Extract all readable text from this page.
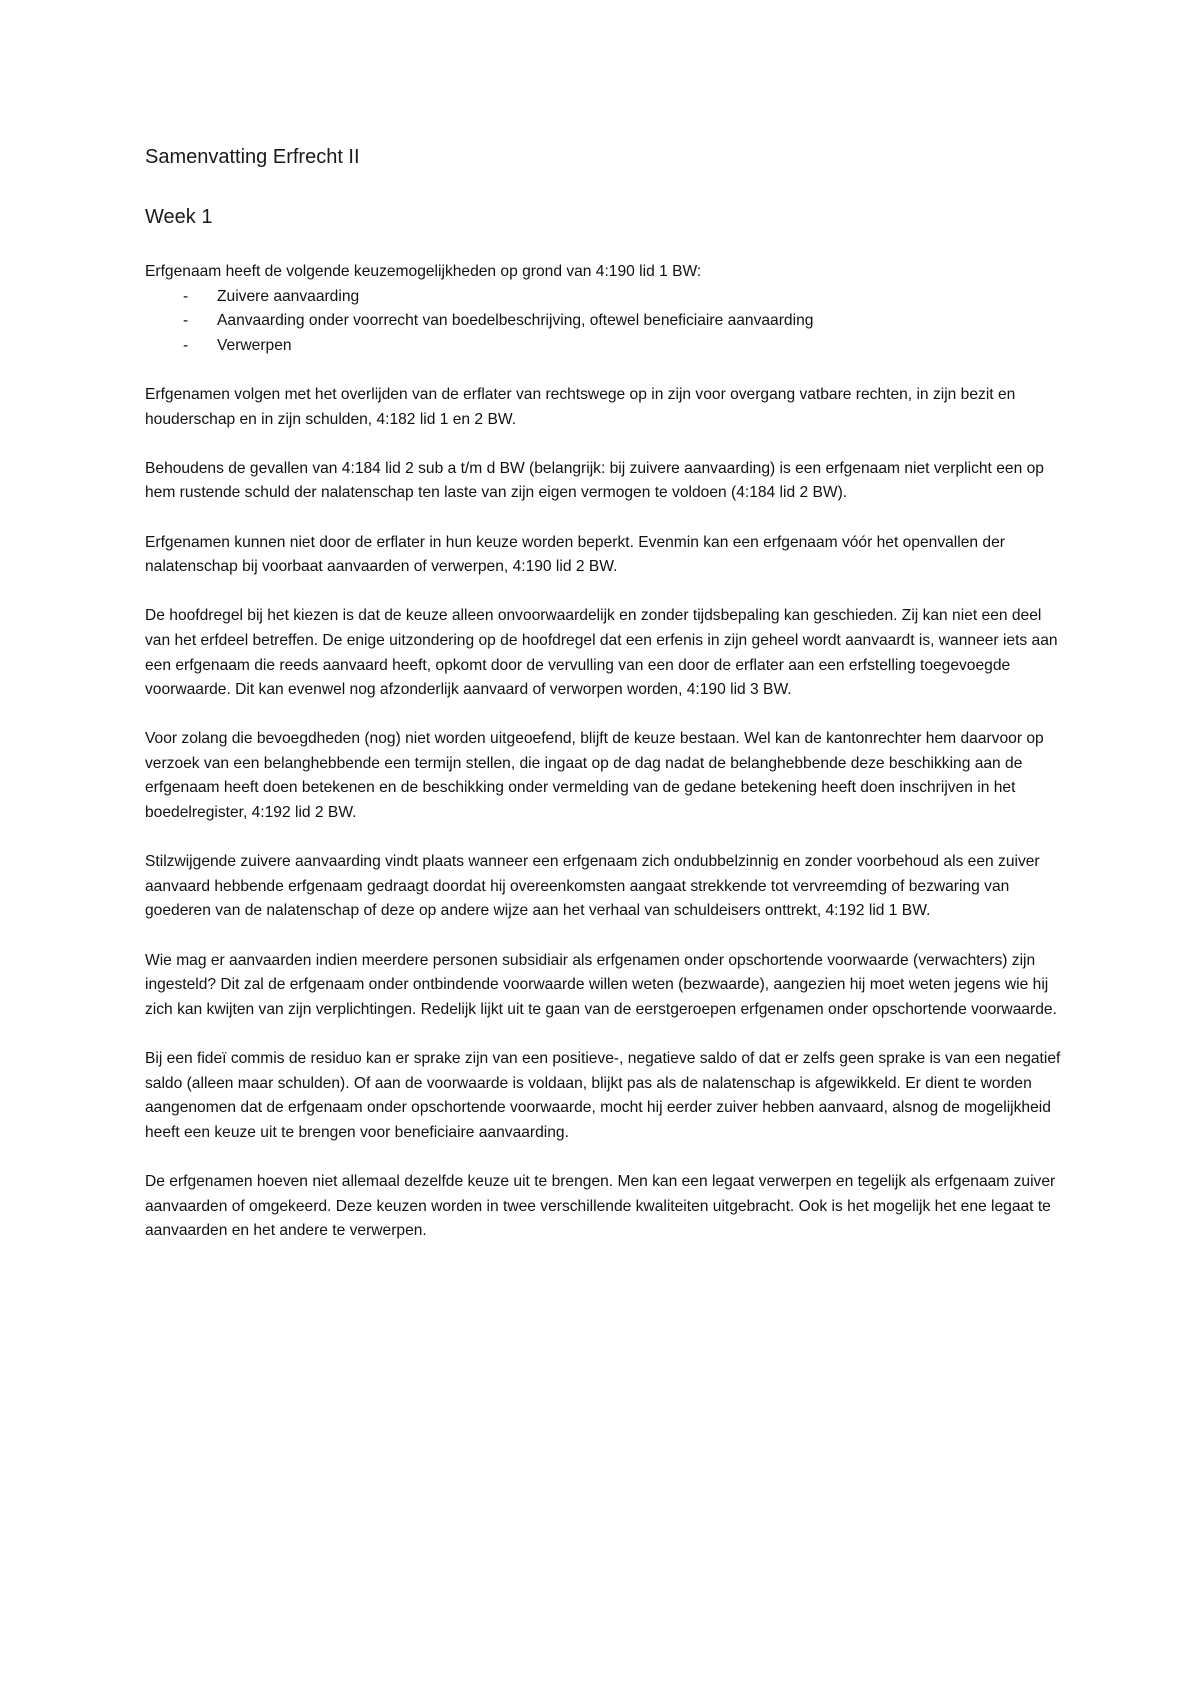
Samenvatting Erfrecht II
Week 1

Erfgenaam heeft de volgende keuzemogelijkheden op grond van 4:190 lid 1 BW:

- Zuivere aanvaarding
- Aanvaarding onder voorrecht van boedelbeschrijving, oftewel beneficiaire aanvaarding
- Verwerpen

Erfgenamen volgen met het overlijden van de erflater van rechtswege op in zijn voor overgang vatbare rechten, in zijn bezit en houderschap en in zijn schulden, 4:182 lid 1 en 2 BW.

Behoudens de gevallen van 4:184 lid 2 sub a t/m d BW (belangrijk: bij zuivere aanvaarding) is een erfgenaam niet verplicht een op hem rustende schuld der nalatenschap ten laste van zijn eigen vermogen te voldoen (4:184 lid 2 BW).

Erfgenamen kunnen niet door de erflater in hun keuze worden beperkt. Evenmin kan een erfgenaam vóór het openvallen der nalatenschap bij voorbaat aanvaarden of verwerpen, 4:190 lid 2 BW.

De hoofdregel bij het kiezen is dat de keuze alleen onvoorwaardelijk en zonder tijdsbepaling kan geschieden. Zij kan niet een deel van het erfdeel betreffen. De enige uitzondering op de hoofdregel dat een erfenis in zijn geheel wordt aanvaardt is, wanneer iets aan een erfgenaam die reeds aanvaard heeft, opkomt door de vervulling van een door de erflater aan een erfstelling toegevoegde voorwaarde. Dit kan evenwel nog afzonderlijk aanvaard of verworpen worden, 4:190 lid 3 BW.

Voor zolang die bevoegdheden (nog) niet worden uitgeoefend, blijft de keuze bestaan. Wel kan de kantonrechter hem daarvoor op verzoek van een belanghebbende een termijn stellen, die ingaat op de dag nadat de belanghebbende deze beschikking aan de erfgenaam heeft doen betekenen en de beschikking onder vermelding van de gedane betekening heeft doen inschrijven in het boedelregister, 4:192 lid 2 BW.

Stilzwijgende zuivere aanvaarding vindt plaats wanneer een erfgenaam zich ondubbelzinnig en zonder voorbehoud als een zuiver aanvaard hebbende erfgenaam gedraagt doordat hij overeenkomsten aangaat strekkende tot vervreemding of bezwaring van goederen van de nalatenschap of deze op andere wijze aan het verhaal van schuldeisers onttrekt, 4:192 lid 1 BW.

Wie mag er aanvaarden indien meerdere personen subsidiair als erfgenamen onder opschortende voorwaarde (verwachters) zijn ingesteld? Dit zal de erfgenaam onder ontbindende voorwaarde willen weten (bezwaarde), aangezien hij moet weten jegens wie hij zich kan kwijten van zijn verplichtingen. Redelijk lijkt uit te gaan van de eerstgeroepen erfgenamen onder opschortende voorwaarde.

Bij een fideï commis de residuo kan er sprake zijn van een positieve-, negatieve saldo of dat er zelfs geen sprake is van een negatief saldo (alleen maar schulden). Of aan de voorwaarde is voldaan, blijkt pas als de nalatenschap is afgewikkeld. Er dient te worden aangenomen dat de erfgenaam onder opschortende voorwaarde, mocht hij eerder zuiver hebben aanvaard, alsnog de mogelijkheid heeft een keuze uit te brengen voor beneficiaire aanvaarding.

De erfgenamen hoeven niet allemaal dezelfde keuze uit te brengen. Men kan een legaat verwerpen en tegelijk als erfgenaam zuiver aanvaarden of omgekeerd. Deze keuzen worden in twee verschillende kwaliteiten uitgebracht. Ook is het mogelijk het ene legaat te aanvaarden en het andere te verwerpen.
